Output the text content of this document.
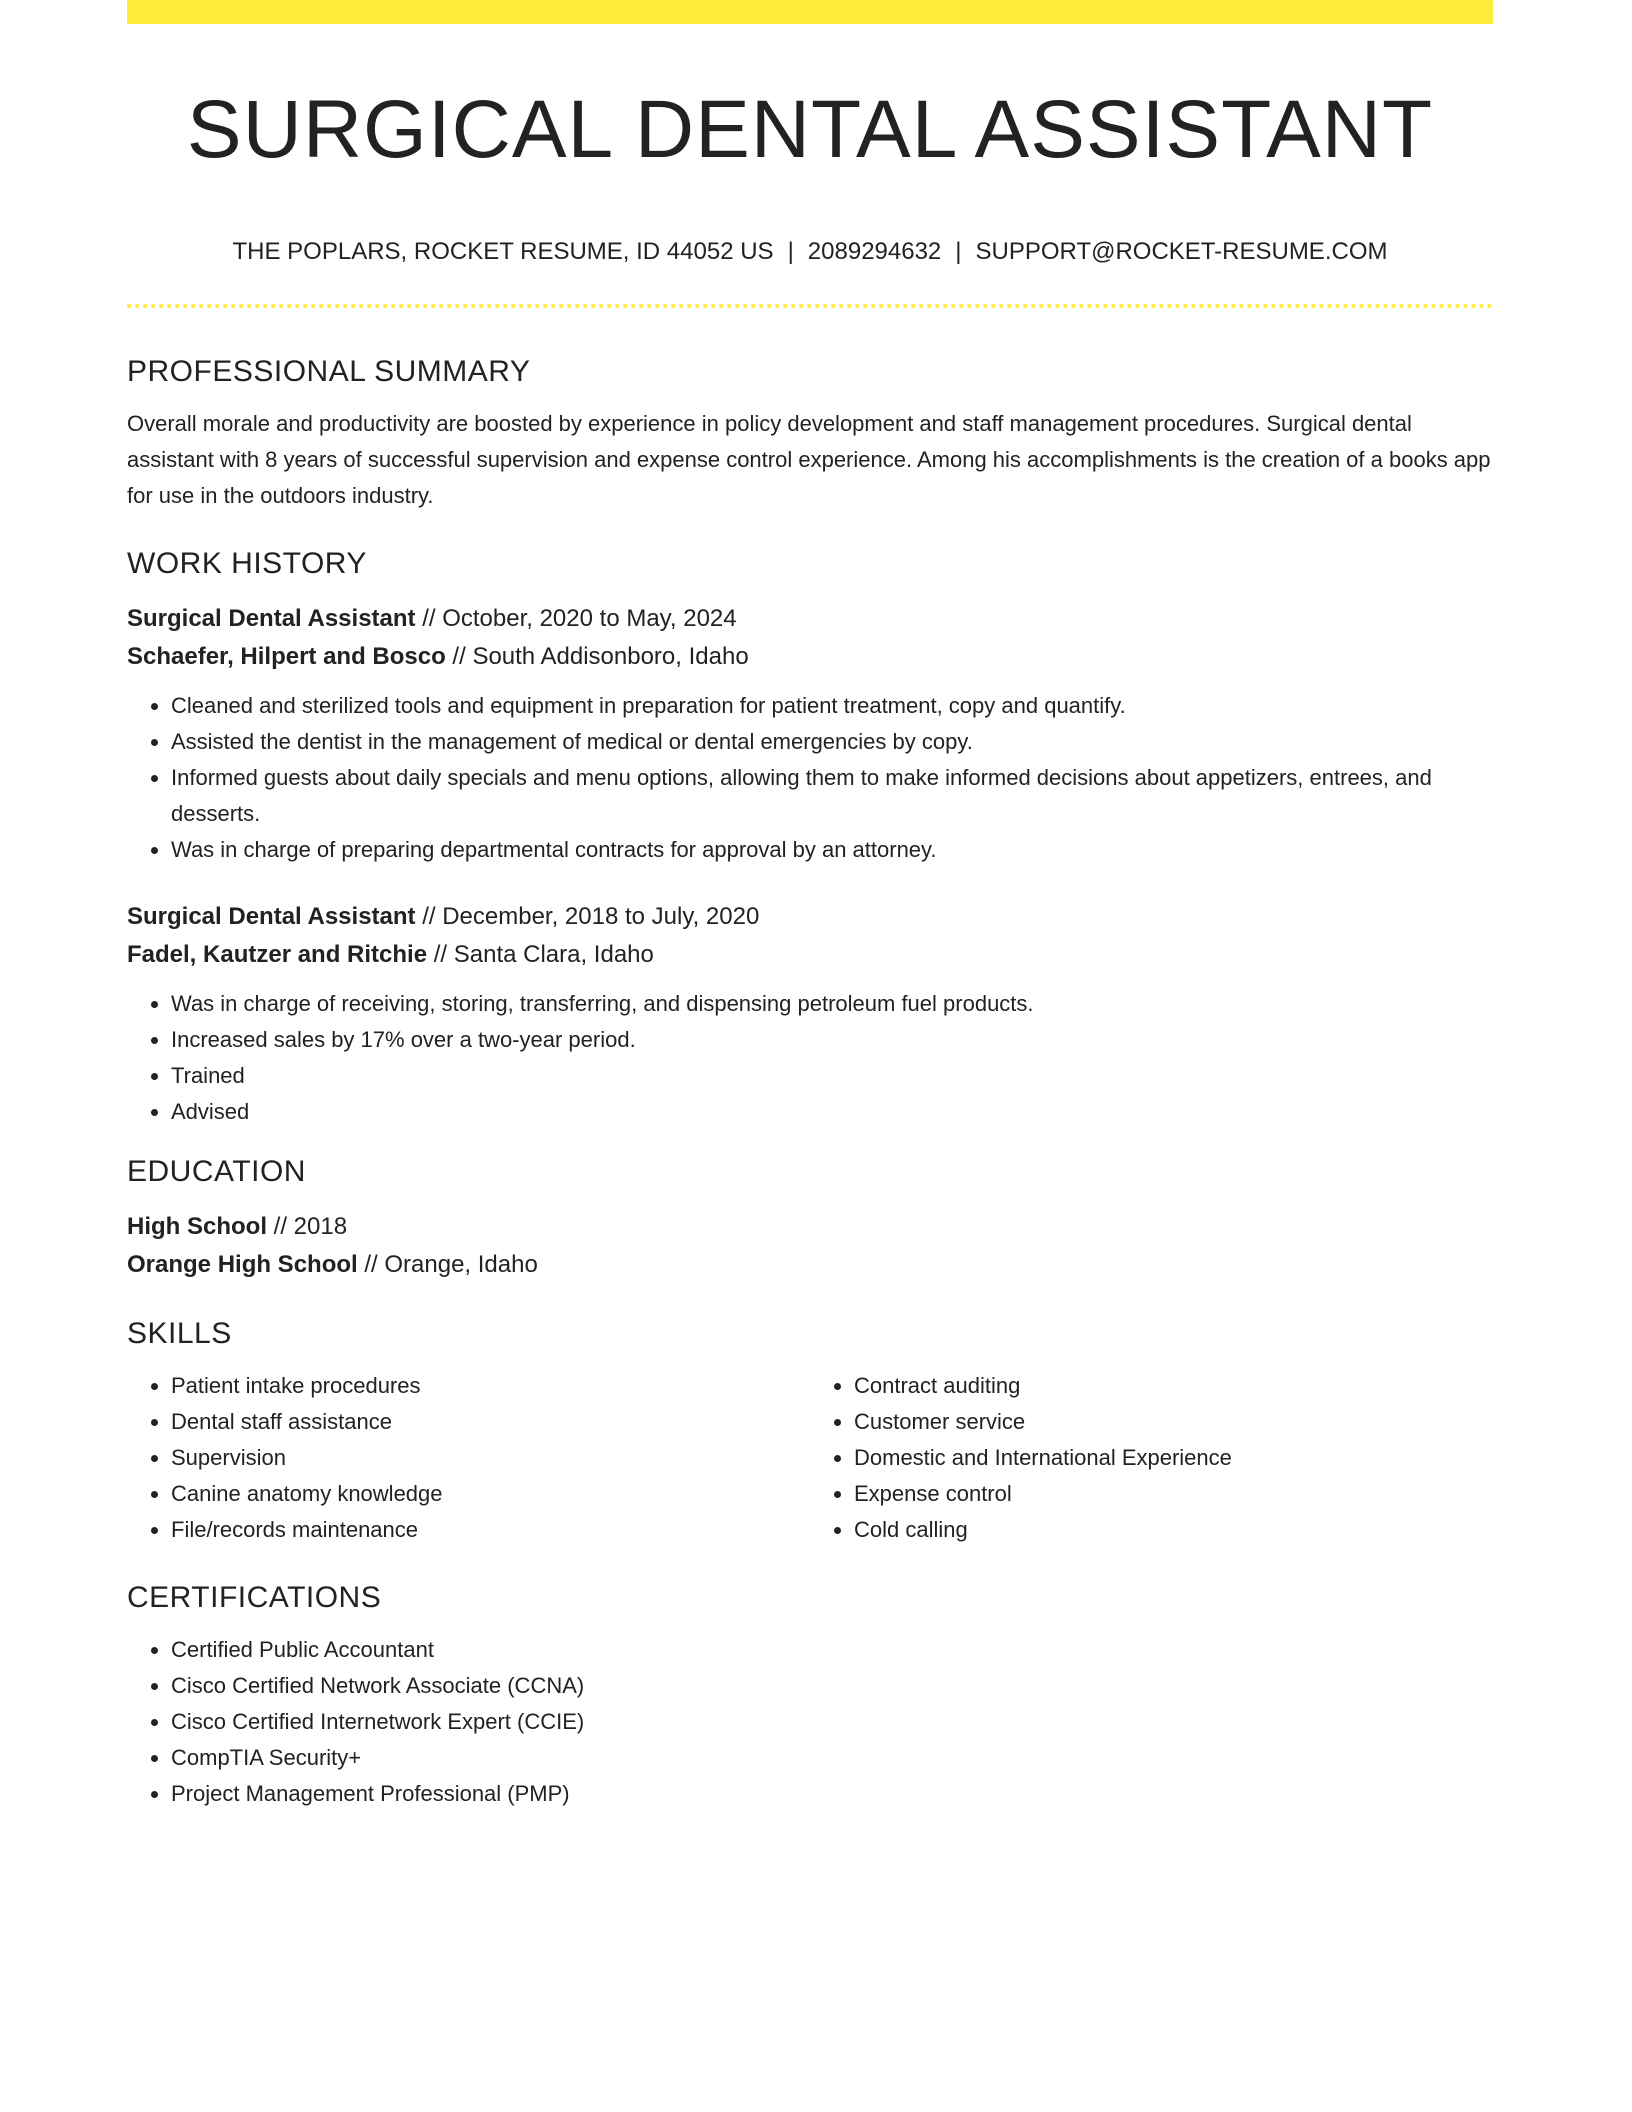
SURGICAL DENTAL ASSISTANT
THE POPLARS, ROCKET RESUME, ID 44052 US | 2089294632 | SUPPORT@ROCKET-RESUME.COM
PROFESSIONAL SUMMARY

Overall morale and productivity are boosted by experience in policy development and staff management procedures. Surgical dental assistant with 8 years of successful supervision and expense control experience. Among his accomplishments is the creation of a books app for use in the outdoors industry.

WORK HISTORY

Surgical Dental Assistant // October, 2020 to May, 2024

Schaefer, Hilpert and Bosco // South Addisonboro, Idaho

• Cleaned and sterilized tools and equipment in preparation for patient treatment, copy and quantify.
• Assisted the dentist in the management of medical or dental emergencies by copy.
• Informed guests about daily specials and menu options, allowing them to make informed decisions about appetizers, entrees, and desserts.
• Was in charge of preparing departmental contracts for approval by an attorney.

Surgical Dental Assistant // December, 2018 to July, 2020

Fadel, Kautzer and Ritchie // Santa Clara, Idaho

• Was in charge of receiving, storing, transferring, and dispensing petroleum fuel products.
• Increased sales by 17% over a two-year period.
• Trained
• Advised
EDUCATION

High School // 2018

Orange High School // Orange, Idaho

SKILLS
• Patient intake procedures
• Dental staff assistance
• Supervision
• Canine anatomy knowledge
• File/records maintenance
• Contract auditing
• Customer service
• Domestic and International Experience
• Expense control
• Cold calling
CERTIFICATIONS
• Certified Public Accountant
• Cisco Certified Network Associate (CCNA)
• Cisco Certified Internetwork Expert (CCIE)
• CompTIA Security+
• Project Management Professional (PMP)
